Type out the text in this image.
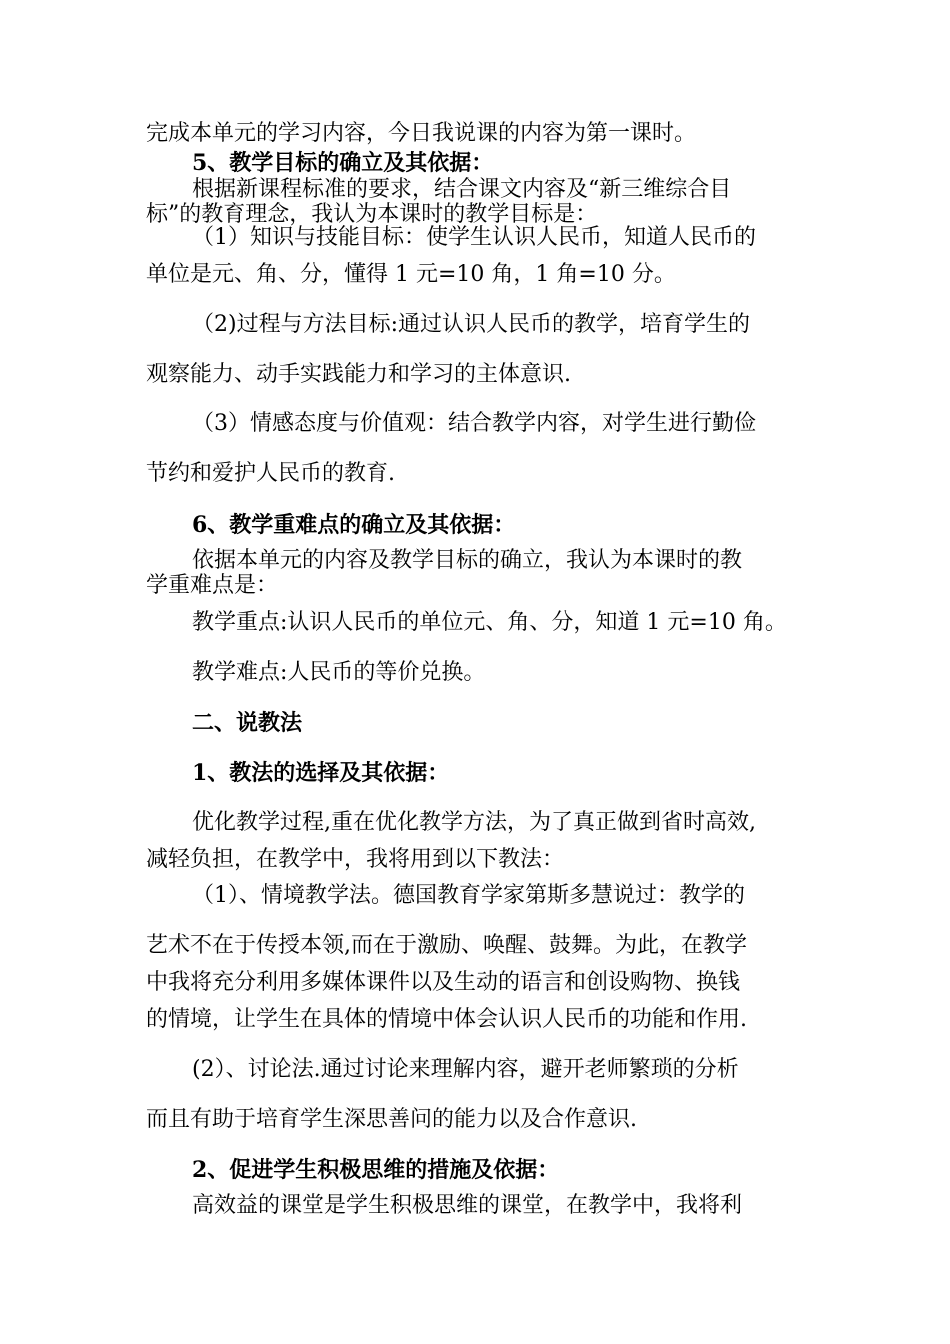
完成本单元的学习内容，今日我说课的内容为第一课时。
5、教学目标的确立及其依据：
根据新课程标准的要求，结合课文内容及“新三维综合目
标”的教育理念，我认为本课时的教学目标是：
（1）知识与技能目标：使学生认识人民币，知道人民币的
单位是元、角、分，懂得 1 元=10 角，1 角=10 分。
（2)过程与方法目标:通过认识人民币的教学，培育学生的
观察能力、动手实践能力和学习的主体意识.
（3）情感态度与价值观：结合教学内容，对学生进行勤俭
节约和爱护人民币的教育.
6、教学重难点的确立及其依据：
依据本单元的内容及教学目标的确立，我认为本课时的教
学重难点是：
教学重点:认识人民币的单位元、角、分，知道 1 元=10 角。
教学难点:人民币的等价兑换。
二、说教法
1、教法的选择及其依据：
优化教学过程,重在优化教学方法，为了真正做到省时高效,
减轻负担，在教学中，我将用到以下教法：
（1）、情境教学法。德国教育学家第斯多慧说过：教学的
艺术不在于传授本领,而在于激励、唤醒、鼓舞。为此，在教学
中我将充分利用多媒体课件以及生动的语言和创设购物、换钱
的情境，让学生在具体的情境中体会认识人民币的功能和作用.
(2）、讨论法.通过讨论来理解内容，避开老师繁琐的分析
而且有助于培育学生深思善问的能力以及合作意识.
2、促进学生积极思维的措施及依据：
高效益的课堂是学生积极思维的课堂，在教学中，我将利
